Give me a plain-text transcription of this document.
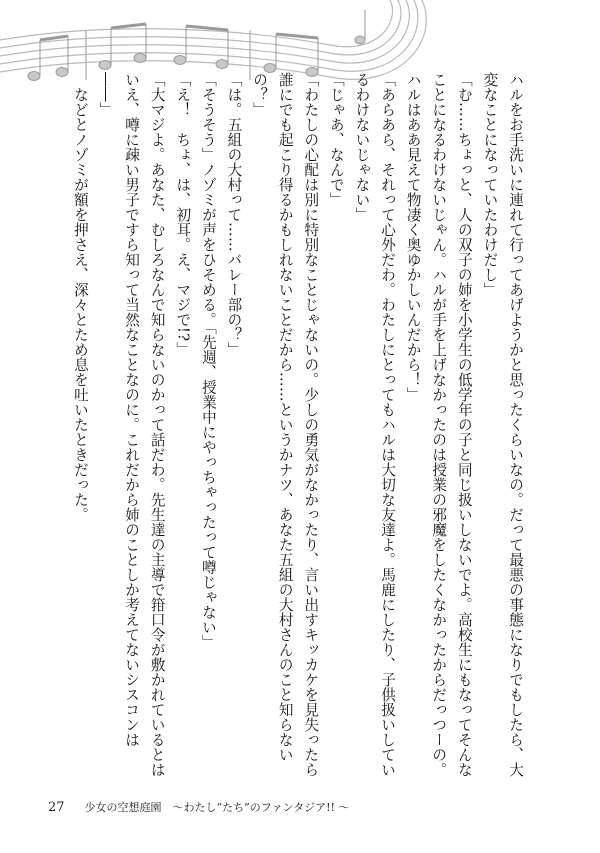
ハルをお手洗いに連れて行ってあげようかと思ったくらいなの。だって最悪の事態になりでもしたら、大変なことになっていたわけだし」

「む……ちょっと、人の双子の姉を小学生の低学年の子と同じ扱いしないでよ。高校生にもなってそんなことになるわけないじゃん。ハルが手を上げなかったのは授業の邪魔をしたくなかったからだっつーの。ハルはああ見えて物凄く奥ゆかしいんだから！」

「あらあら、それって心外だわ。わたしにとってもハルは大切な友達よ。馬鹿にしたり、子供扱いしているわけないじゃない」

「じゃあ、なんで」

「わたしの心配は別に特別なことじゃないの。少しの勇気がなかったり、言い出すキッカケを見失ったら誰にでも起こり得るかもしれないことだから……というかナツ、あなた五組の大村さんのこと知らないの？」

「は。五組の大村って……バレー部の？」

「そうそう」ノゾミが声をひそめる。「先週、授業中にやっちゃったって噂じゃない」

「え！　ちょ、は、初耳。え、マジで!?」

「大マジよ。あなた、むしろなんで知らないのかって話だわ。先生達の主導で箝口令が敷かれているとはいえ、噂に疎い男子ですら知って当然なことなのに。これだから姉のことしか考えてないシスコンは――」

　などとノゾミが額を押さえ、深々とため息を吐いたときだった。

27 少女の空想庭園　～わたし“たち”のファンタジア!! ～
